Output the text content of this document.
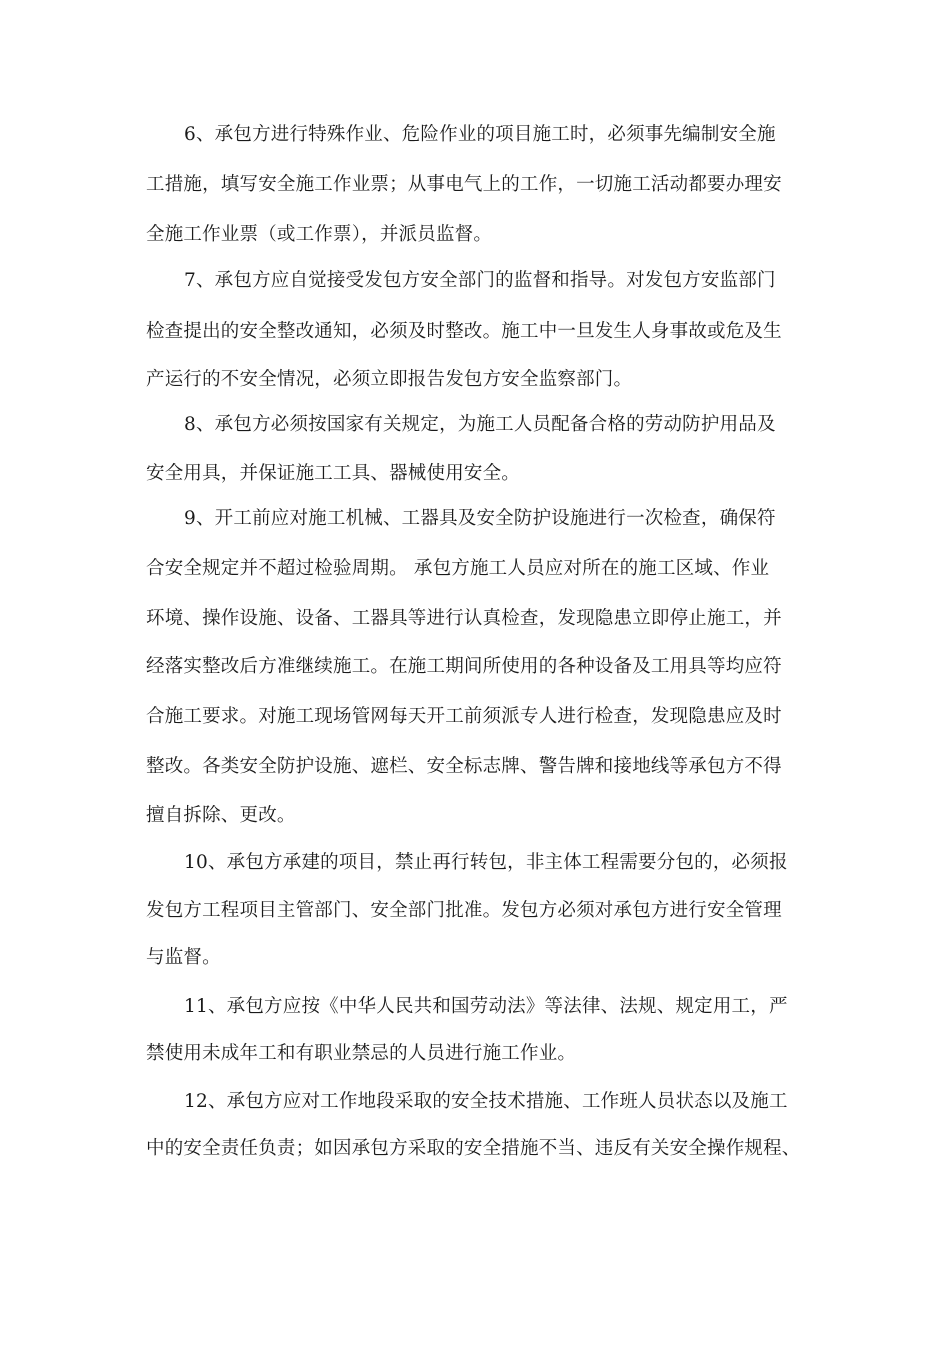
6、承包方进行特殊作业、危险作业的项目施工时，必须事先编制安全施
工措施，填写安全施工作业票；从事电气上的工作，一切施工活动都要办理安
全施工作业票（或工作票），并派员监督。
7、承包方应自觉接受发包方安全部门的监督和指导。对发包方安监部门
检查提出的安全整改通知，必须及时整改。施工中一旦发生人身事故或危及生
产运行的不安全情况，必须立即报告发包方安全监察部门。
8、承包方必须按国家有关规定，为施工人员配备合格的劳动防护用品及
安全用具，并保证施工工具、器械使用安全。
9、开工前应对施工机械、工器具及安全防护设施进行一次检查，确保符
合安全规定并不超过检验周期。 承包方施工人员应对所在的施工区域、作业
环境、操作设施、设备、工器具等进行认真检查，发现隐患立即停止施工，并
经落实整改后方准继续施工。在施工期间所使用的各种设备及工用具等均应符
合施工要求。对施工现场管网每天开工前须派专人进行检查，发现隐患应及时
整改。各类安全防护设施、遮栏、安全标志牌、警告牌和接地线等承包方不得
擅自拆除、更改。
10、承包方承建的项目，禁止再行转包，非主体工程需要分包的，必须报
发包方工程项目主管部门、安全部门批准。发包方必须对承包方进行安全管理
与监督。
11、承包方应按《中华人民共和国劳动法》等法律、法规、规定用工，严
禁使用未成年工和有职业禁忌的人员进行施工作业。
12、承包方应对工作地段采取的安全技术措施、工作班人员状态以及施工
中的安全责任负责；如因承包方采取的安全措施不当、违反有关安全操作规程、
